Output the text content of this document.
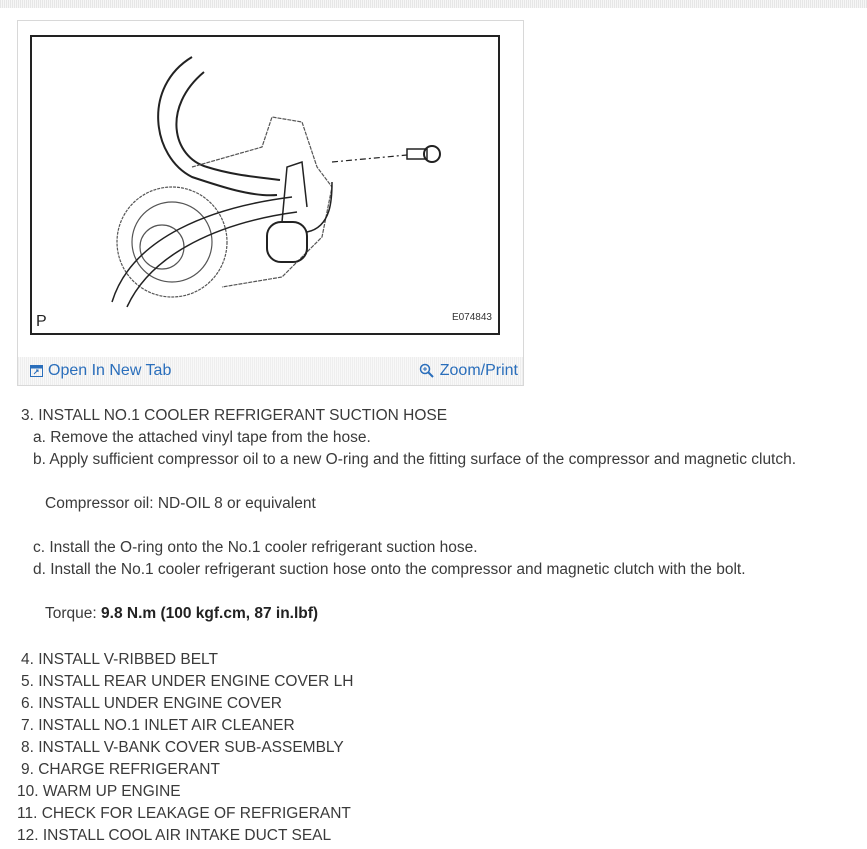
P	E074843
Open In New Tab	Zoom/Print
3. INSTALL NO.1 COOLER REFRIGERANT SUCTION HOSE
a. Remove the attached vinyl tape from the hose.
b. Apply sufficient compressor oil to a new O-ring and the fitting surface of the compressor and magnetic clutch.
Compressor oil: ND-OIL 8 or equivalent
c. Install the O-ring onto the No.1 cooler refrigerant suction hose.
d. Install the No.1 cooler refrigerant suction hose onto the compressor and magnetic clutch with the bolt.
Torque: 9.8 N.m (100 kgf.cm, 87 in.lbf)
4. INSTALL V-RIBBED BELT
5. INSTALL REAR UNDER ENGINE COVER LH
6. INSTALL UNDER ENGINE COVER
7. INSTALL NO.1 INLET AIR CLEANER
8. INSTALL V-BANK COVER SUB-ASSEMBLY
9. CHARGE REFRIGERANT
10. WARM UP ENGINE
11. CHECK FOR LEAKAGE OF REFRIGERANT
12. INSTALL COOL AIR INTAKE DUCT SEAL
